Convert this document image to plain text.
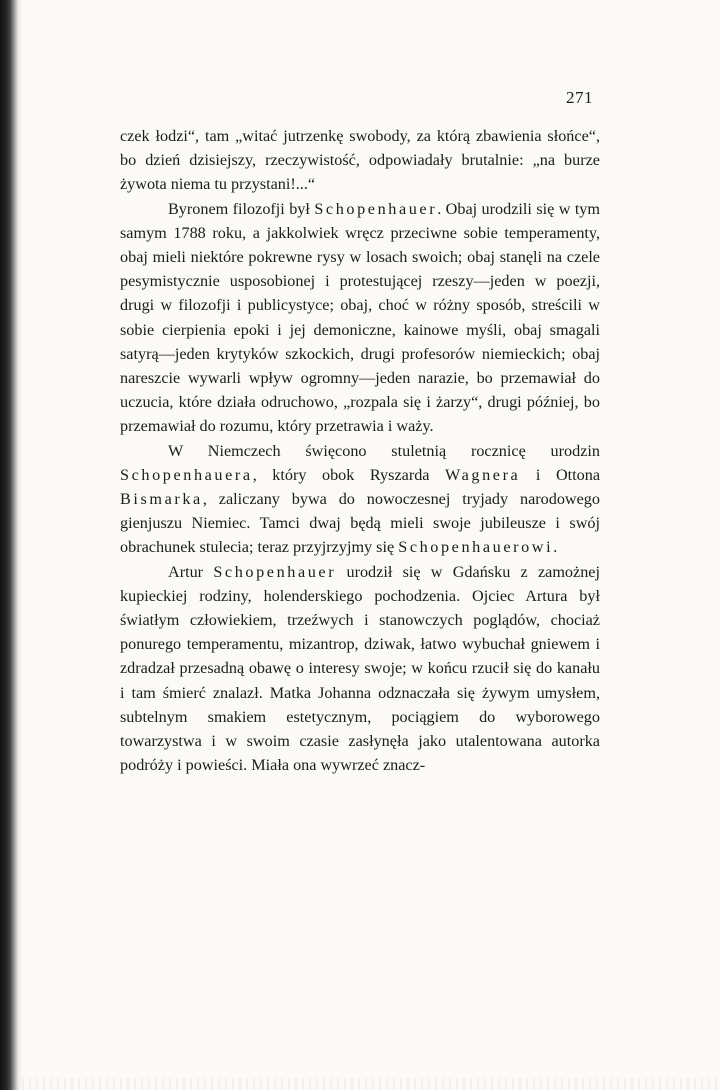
271

czek łodzi“, tam „witać jutrzenkę swobody, za którą zbawienia słońce“, bo dzień dzisiejszy, rzeczywistość, odpowiadały brutalnie: „na burze żywota niema tu przystani!...“

Byronem filozofji był Schopenhauer. Obaj urodzili się w tym samym 1788 roku, a jakkolwiek wręcz przeciwne sobie temperamenty, obaj mieli niektóre pokrewne rysy w losach swoich; obaj stanęli na czele pesymistycznie usposobionej i protestującej rzeszy—jeden w poezji, drugi w filozofji i publicystyce; obaj, choć w różny sposób, streścili w sobie cierpienia epoki i jej demoniczne, kainowe myśli, obaj smagali satyrą—jeden krytyków szkockich, drugi profesorów niemieckich; obaj nareszcie wywarli wpływ ogromny—jeden narazie, bo przemawiał do uczucia, które działa odruchowo, „rozpala się i żarzy“, drugi później, bo przemawiał do rozumu, który przetrawia i waży.

W Niemczech święcono stuletnią rocznicę urodzin Schopenhauera, który obok Ryszarda Wagnera i Ottona Bismarka, zaliczany bywa do nowoczesnej tryjady narodowego gienjuszu Niemiec. Tamci dwaj będą mieli swoje jubileusze i swój obrachunek stulecia; teraz przyjrzyjmy się Schopenhauerowi.

Artur Schopenhauer urodził się w Gdańsku z zamożnej kupieckiej rodziny, holenderskiego pochodzenia. Ojciec Artura był światłym człowiekiem, trzeźwych i stanowczych poglądów, chociaż ponurego temperamentu, mizantrop, dziwak, łatwo wybuchał gniewem i zdradzał przesadną obawę o interesy swoje; w końcu rzucił się do kanału i tam śmierć znalazł. Matka Johanna odznaczała się żywym umysłem, subtelnym smakiem estetycznym, pociągiem do wyborowego towarzystwa i w swoim czasie zasłynęła jako utalentowana autorka podróży i powieści. Miała ona wywrzeć znacz-
